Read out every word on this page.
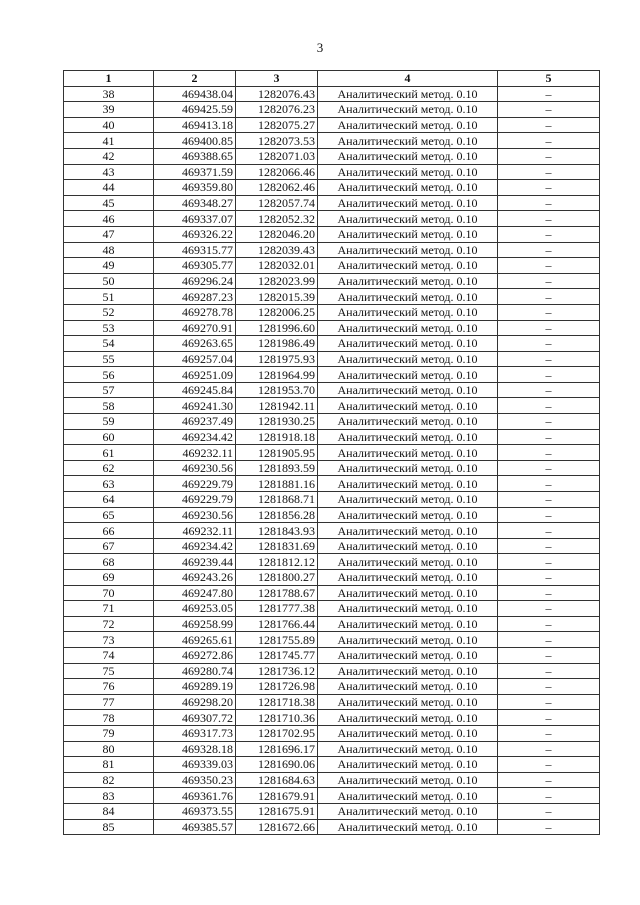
3
1	2	3	4	5
38	469438.04	1282076.43	Аналитический метод. 0.10	–
39	469425.59	1282076.23	Аналитический метод. 0.10	–
40	469413.18	1282075.27	Аналитический метод. 0.10	–
41	469400.85	1282073.53	Аналитический метод. 0.10	–
42	469388.65	1282071.03	Аналитический метод. 0.10	–
43	469371.59	1282066.46	Аналитический метод. 0.10	–
44	469359.80	1282062.46	Аналитический метод. 0.10	–
45	469348.27	1282057.74	Аналитический метод. 0.10	–
46	469337.07	1282052.32	Аналитический метод. 0.10	–
47	469326.22	1282046.20	Аналитический метод. 0.10	–
48	469315.77	1282039.43	Аналитический метод. 0.10	–
49	469305.77	1282032.01	Аналитический метод. 0.10	–
50	469296.24	1282023.99	Аналитический метод. 0.10	–
51	469287.23	1282015.39	Аналитический метод. 0.10	–
52	469278.78	1282006.25	Аналитический метод. 0.10	–
53	469270.91	1281996.60	Аналитический метод. 0.10	–
54	469263.65	1281986.49	Аналитический метод. 0.10	–
55	469257.04	1281975.93	Аналитический метод. 0.10	–
56	469251.09	1281964.99	Аналитический метод. 0.10	–
57	469245.84	1281953.70	Аналитический метод. 0.10	–
58	469241.30	1281942.11	Аналитический метод. 0.10	–
59	469237.49	1281930.25	Аналитический метод. 0.10	–
60	469234.42	1281918.18	Аналитический метод. 0.10	–
61	469232.11	1281905.95	Аналитический метод. 0.10	–
62	469230.56	1281893.59	Аналитический метод. 0.10	–
63	469229.79	1281881.16	Аналитический метод. 0.10	–
64	469229.79	1281868.71	Аналитический метод. 0.10	–
65	469230.56	1281856.28	Аналитический метод. 0.10	–
66	469232.11	1281843.93	Аналитический метод. 0.10	–
67	469234.42	1281831.69	Аналитический метод. 0.10	–
68	469239.44	1281812.12	Аналитический метод. 0.10	–
69	469243.26	1281800.27	Аналитический метод. 0.10	–
70	469247.80	1281788.67	Аналитический метод. 0.10	–
71	469253.05	1281777.38	Аналитический метод. 0.10	–
72	469258.99	1281766.44	Аналитический метод. 0.10	–
73	469265.61	1281755.89	Аналитический метод. 0.10	–
74	469272.86	1281745.77	Аналитический метод. 0.10	–
75	469280.74	1281736.12	Аналитический метод. 0.10	–
76	469289.19	1281726.98	Аналитический метод. 0.10	–
77	469298.20	1281718.38	Аналитический метод. 0.10	–
78	469307.72	1281710.36	Аналитический метод. 0.10	–
79	469317.73	1281702.95	Аналитический метод. 0.10	–
80	469328.18	1281696.17	Аналитический метод. 0.10	–
81	469339.03	1281690.06	Аналитический метод. 0.10	–
82	469350.23	1281684.63	Аналитический метод. 0.10	–
83	469361.76	1281679.91	Аналитический метод. 0.10	–
84	469373.55	1281675.91	Аналитический метод. 0.10	–
85	469385.57	1281672.66	Аналитический метод. 0.10	–
